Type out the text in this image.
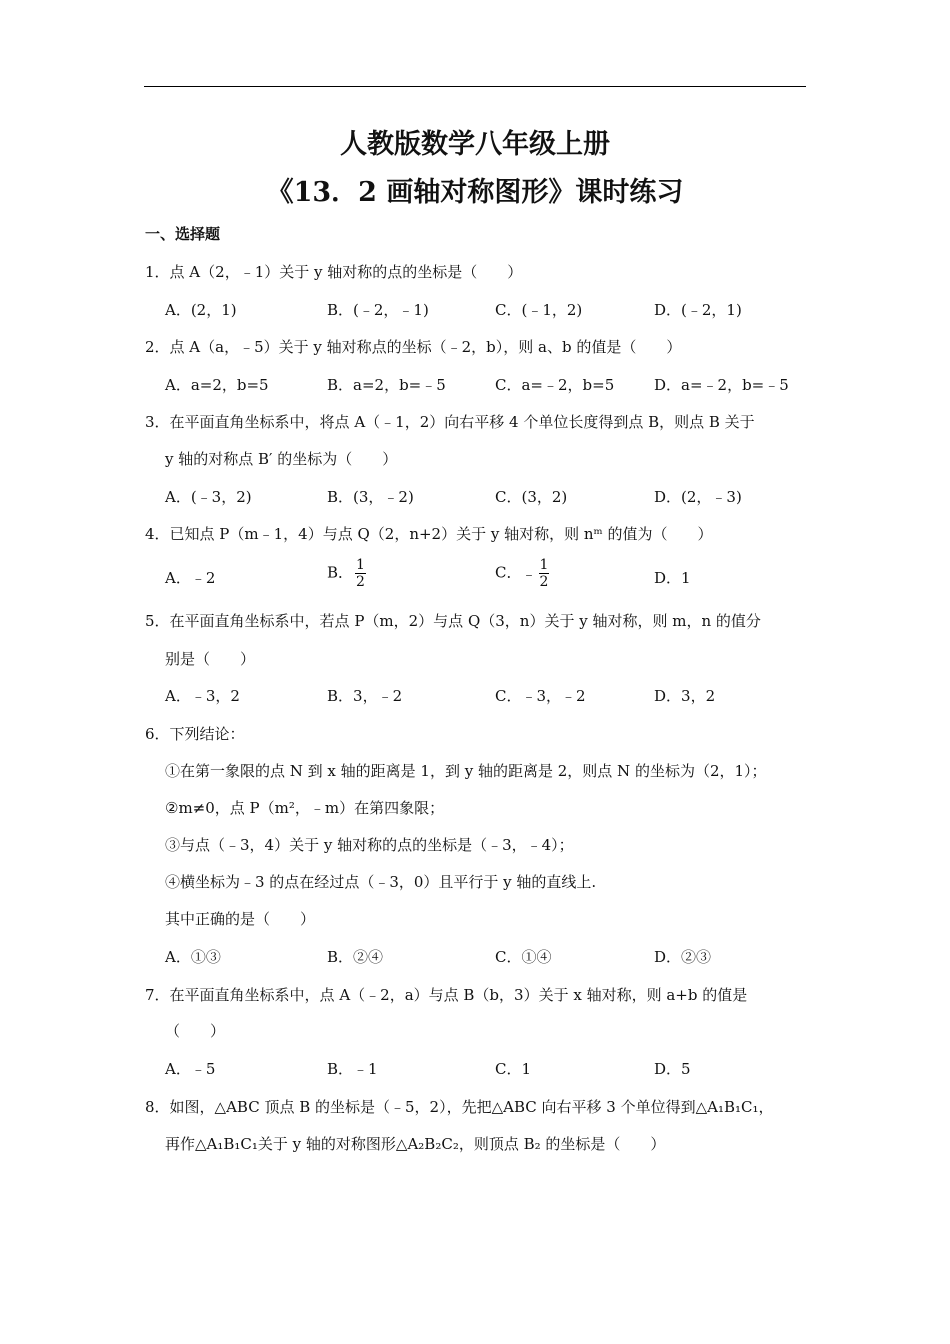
人教版数学八年级上册
《13．2 画轴对称图形》课时练习
一、选择题
1．点 A（2，﹣1）关于 y 轴对称的点的坐标是（　　）
A．(2，1)	B．(﹣2，﹣1)	C．(﹣1，2)	D．(﹣2，1)
2．点 A（a，﹣5）关于 y 轴对称点的坐标（﹣2，b），则 a、b 的值是（　　）
A．a=2，b=5	B．a=2，b=﹣5	C．a=﹣2，b=5	D．a=﹣2，b=﹣5
3．在平面直角坐标系中，将点 A（﹣1，2）向右平移 4 个单位长度得到点 B，则点 B 关于
y 轴的对称点 B′ 的坐标为（　　）
A．(﹣3，2)	B．(3，﹣2)	C．(3，2)	D．(2，﹣3)
4．已知点 P（m﹣1，4）与点 Q（2，n+2）关于 y 轴对称，则 nᵐ 的值为（　　）
A．﹣2	B． $\frac{1}{2}$	C．﹣ $\frac{1}{2}$	D．1
5．在平面直角坐标系中，若点 P（m，2）与点 Q（3，n）关于 y 轴对称，则 m，n 的值分
别是（　　）
A．﹣3，2	B．3，﹣2	C．﹣3，﹣2	D．3，2
6．下列结论：
①在第一象限的点 N 到 x 轴的距离是 1，到 y 轴的距离是 2，则点 N 的坐标为（2，1）；
②m≠0，点 P（m²，﹣m）在第四象限；
③与点（﹣3，4）关于 y 轴对称的点的坐标是（﹣3，﹣4）；
④横坐标为﹣3 的点在经过点（﹣3，0）且平行于 y 轴的直线上.
其中正确的是（　　）
A．①③	B．②④	C．①④	D．②③
7．在平面直角坐标系中，点 A（﹣2，a）与点 B（b，3）关于 x 轴对称，则 a+b 的值是
（　　）
A．﹣5	B．﹣1	C．1	D．5
8．如图，△ABC 顶点 B 的坐标是（﹣5，2），先把△ABC 向右平移 3 个单位得到△A₁B₁C₁，
再作△A₁B₁C₁关于 y 轴的对称图形△A₂B₂C₂，则顶点 B₂ 的坐标是（　　）
